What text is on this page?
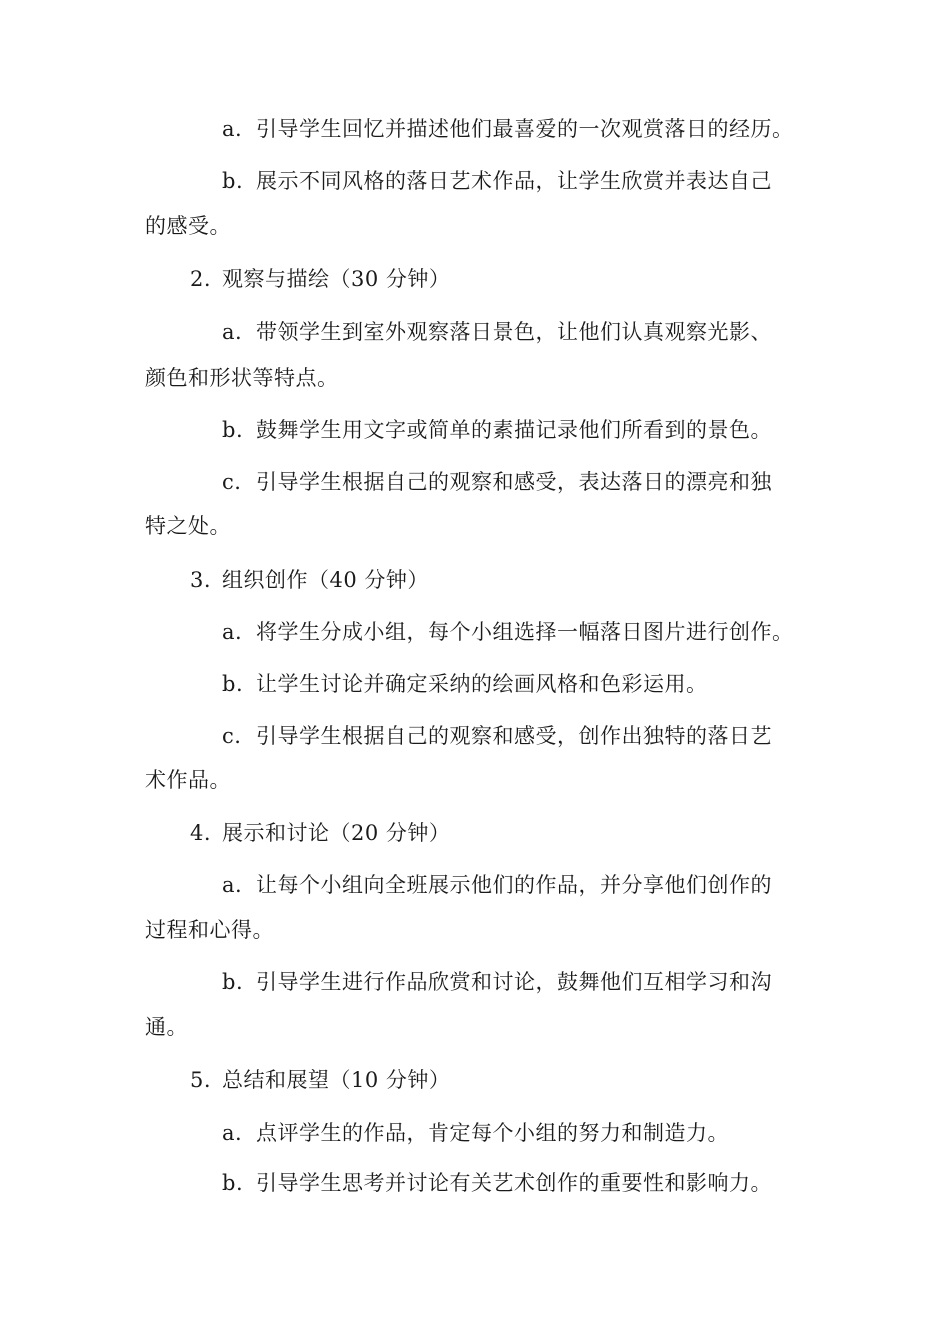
a. 引导学生回忆并描述他们最喜爱的一次观赏落日的经历。
b. 展示不同风格的落日艺术作品，让学生欣赏并表达自己
的感受。
2. 观察与描绘（30 分钟）
a. 带领学生到室外观察落日景色，让他们认真观察光影、
颜色和形状等特点。
b. 鼓舞学生用文字或简单的素描记录他们所看到的景色。
c. 引导学生根据自己的观察和感受，表达落日的漂亮和独
特之处。
3. 组织创作（40 分钟）
a. 将学生分成小组，每个小组选择一幅落日图片进行创作。
b. 让学生讨论并确定采纳的绘画风格和色彩运用。
c. 引导学生根据自己的观察和感受，创作出独特的落日艺
术作品。
4. 展示和讨论（20 分钟）
a. 让每个小组向全班展示他们的作品，并分享他们创作的
过程和心得。
b. 引导学生进行作品欣赏和讨论，鼓舞他们互相学习和沟
通。
5. 总结和展望（10 分钟）
a. 点评学生的作品，肯定每个小组的努力和制造力。
b. 引导学生思考并讨论有关艺术创作的重要性和影响力。
